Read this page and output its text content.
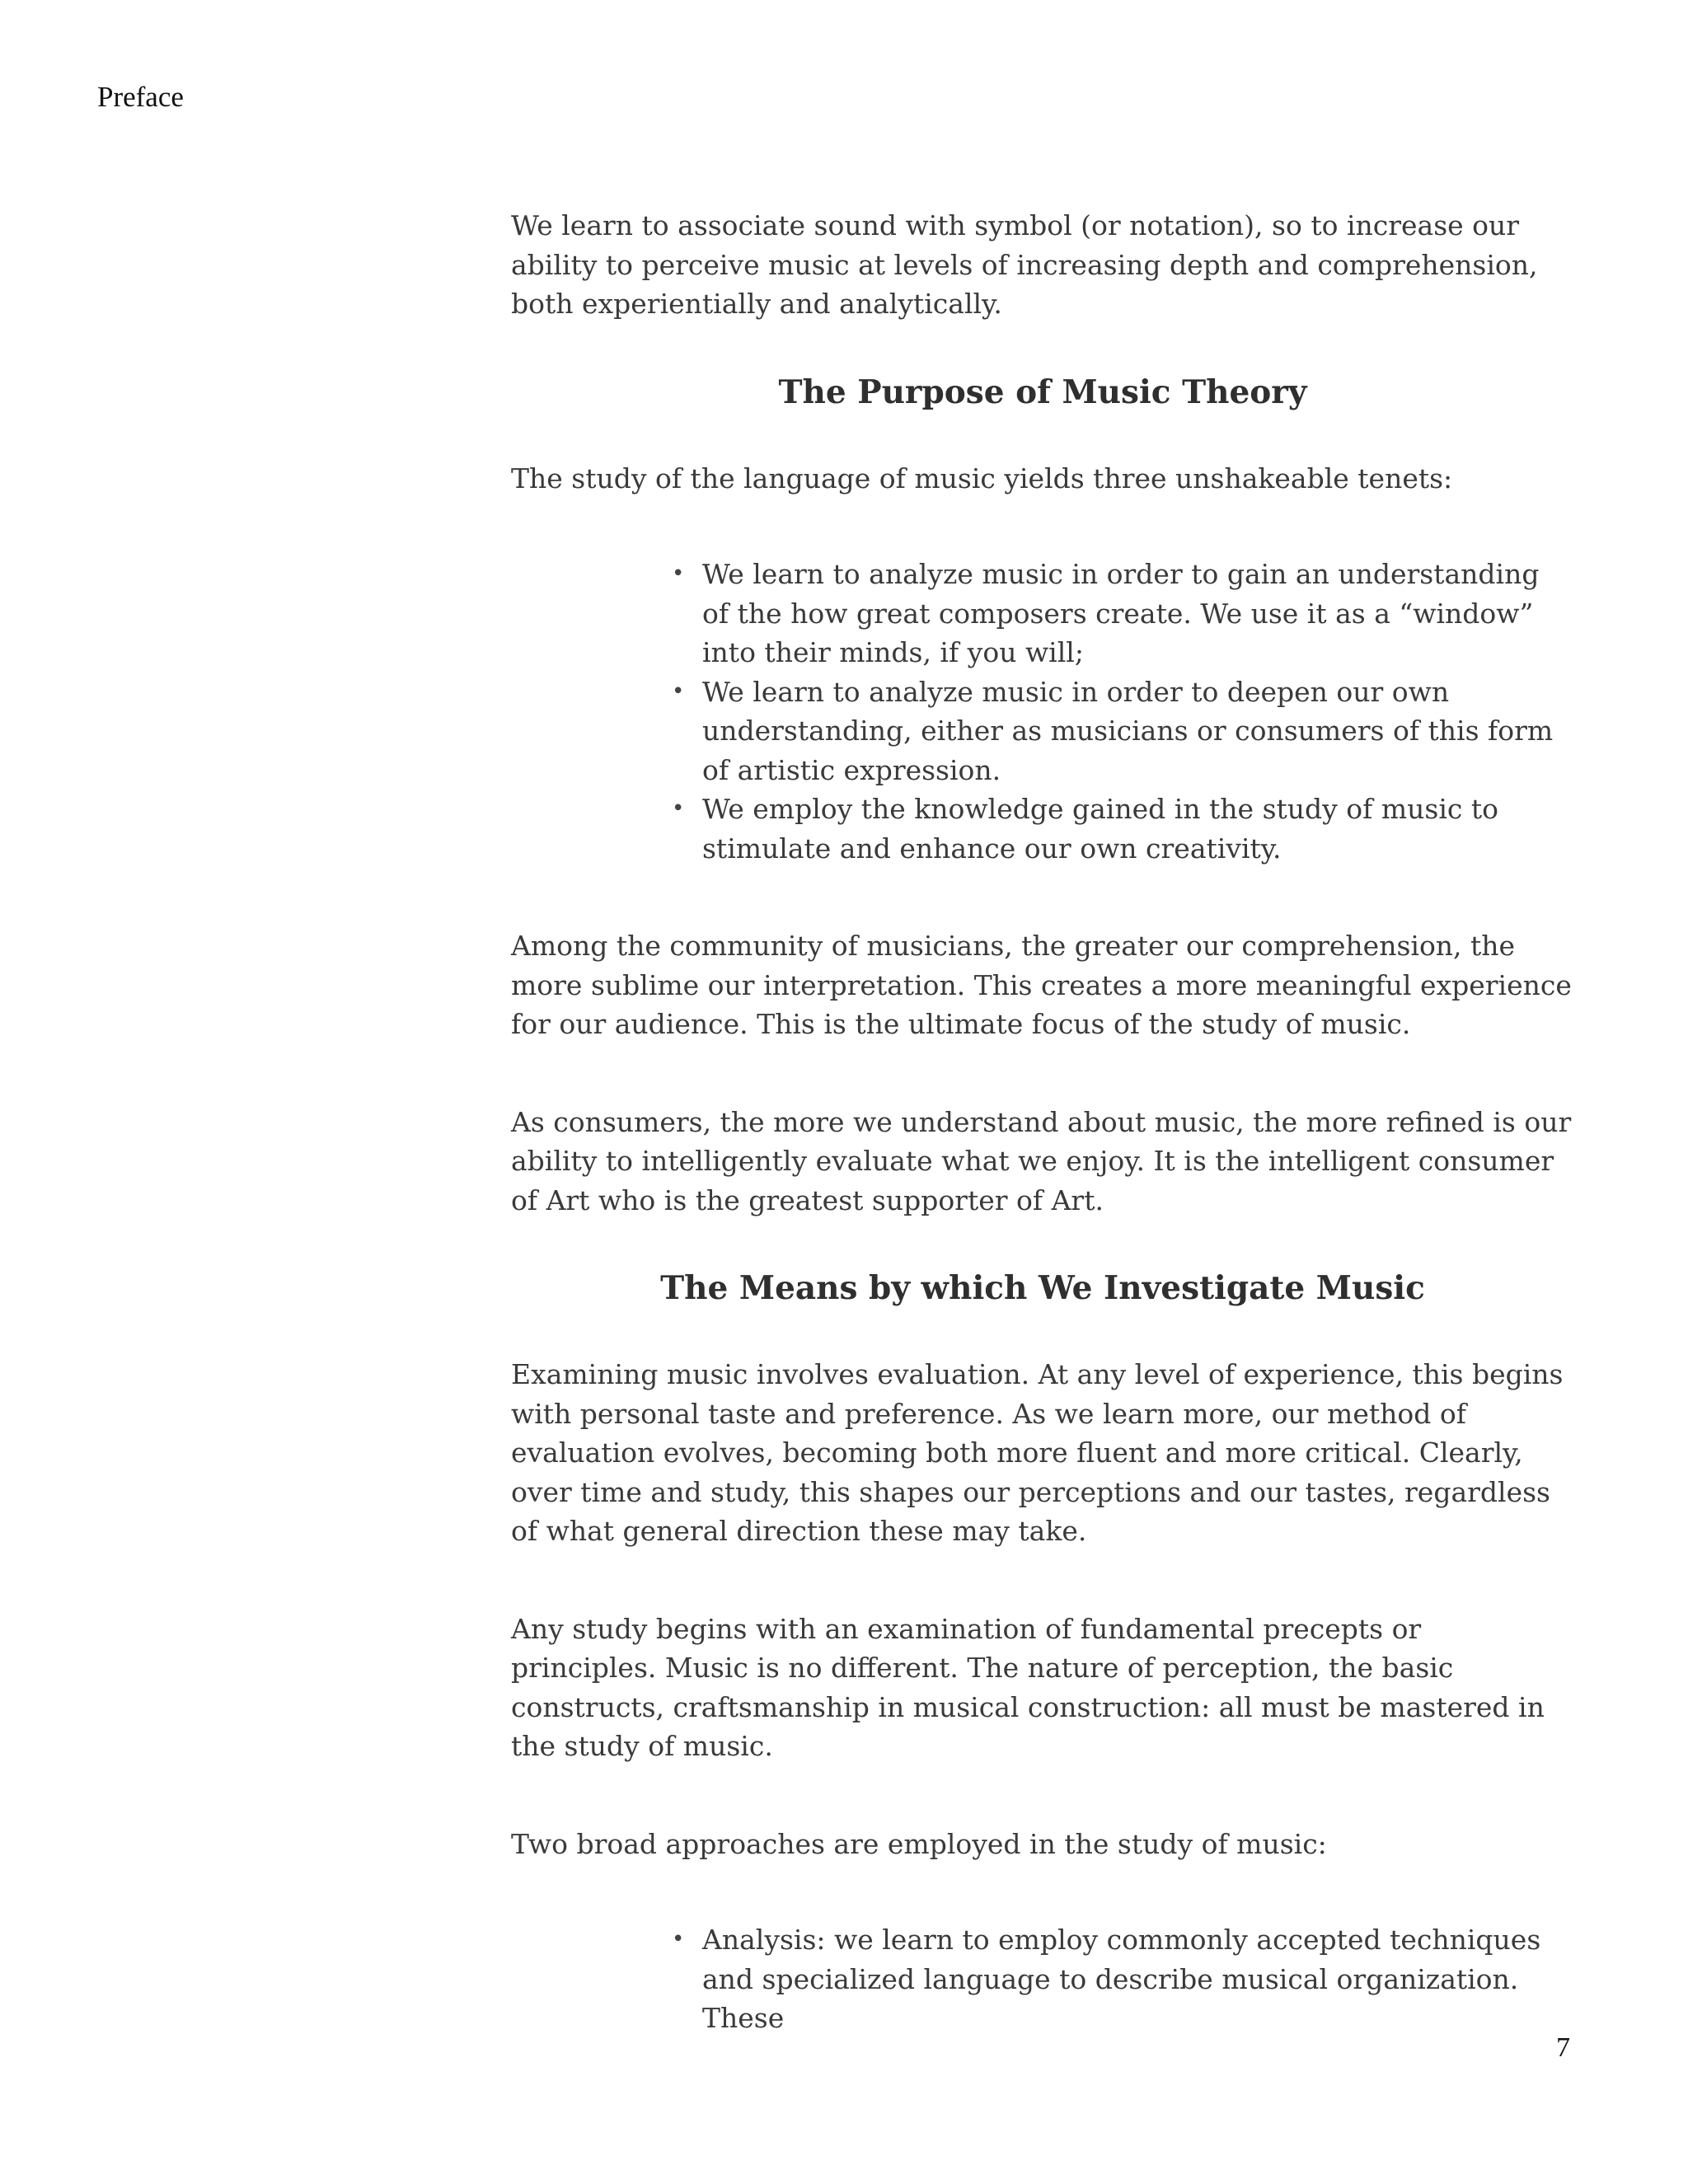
Preface

We learn to associate sound with symbol (or notation), so to increase our ability to perceive music at levels of increasing depth and comprehension, both experientially and analytically.

The Purpose of Music Theory

The study of the language of music yields three unshakeable tenets:

• We learn to analyze music in order to gain an understanding of the how great composers create. We use it as a “window” into their minds, if you will;
• We learn to analyze music in order to deepen our own understanding, either as musicians or consumers of this form of artistic expression.
• We employ the knowledge gained in the study of music to stimulate and enhance our own creativity.

Among the community of musicians, the greater our comprehension, the more sublime our interpretation. This creates a more meaningful experience for our audience. This is the ultimate focus of the study of music.

As consumers, the more we understand about music, the more refined is our ability to intelligently evaluate what we enjoy. It is the intelligent consumer of Art who is the greatest supporter of Art.

The Means by which We Investigate Music

Examining music involves evaluation. At any level of experience, this begins with personal taste and preference. As we learn more, our method of evaluation evolves, becoming both more fluent and more critical. Clearly, over time and study, this shapes our perceptions and our tastes, regardless of what general direction these may take.

Any study begins with an examination of fundamental precepts or principles. Music is no different. The nature of perception, the basic constructs, craftsmanship in musical construction: all must be mastered in the study of music.

Two broad approaches are employed in the study of music:

• Analysis: we learn to employ commonly accepted techniques and specialized language to describe musical organization. These
7
